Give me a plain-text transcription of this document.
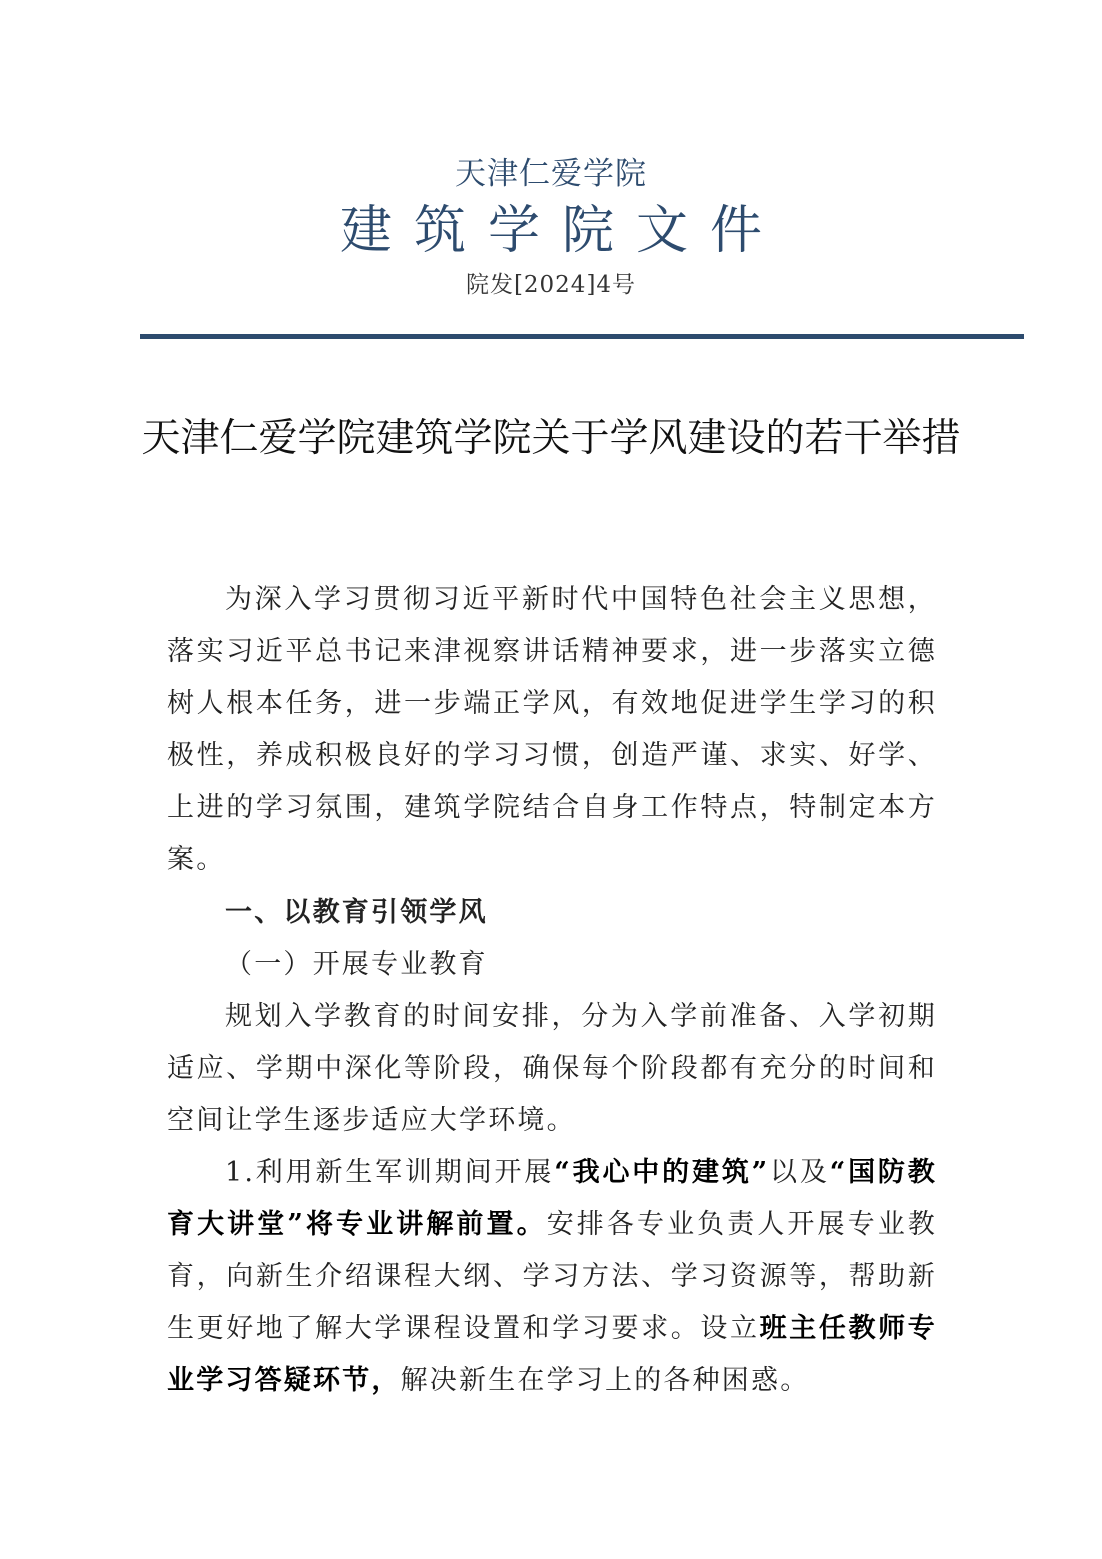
天津仁爱学院
建筑学院文件
院发[2024]4号
天津仁爱学院建筑学院关于学风建设的若干举措

为深入学习贯彻习近平新时代中国特色社会主义思想，落实习近平总书记来津视察讲话精神要求，进一步落实立德树人根本任务，进一步端正学风，有效地促进学生学习的积极性，养成积极良好的学习习惯，创造严谨、求实、好学、上进的学习氛围，建筑学院结合自身工作特点，特制定本方案。

一、以教育引领学风

（一）开展专业教育

规划入学教育的时间安排，分为入学前准备、入学初期适应、学期中深化等阶段，确保每个阶段都有充分的时间和空间让学生逐步适应大学环境。

1.利用新生军训期间开展“我心中的建筑”以及“国防教育大讲堂”将专业讲解前置。安排各专业负责人开展专业教育，向新生介绍课程大纲、学习方法、学习资源等，帮助新生更好地了解大学课程设置和学习要求。设立班主任教师专业学习答疑环节，解决新生在学习上的各种困惑。
